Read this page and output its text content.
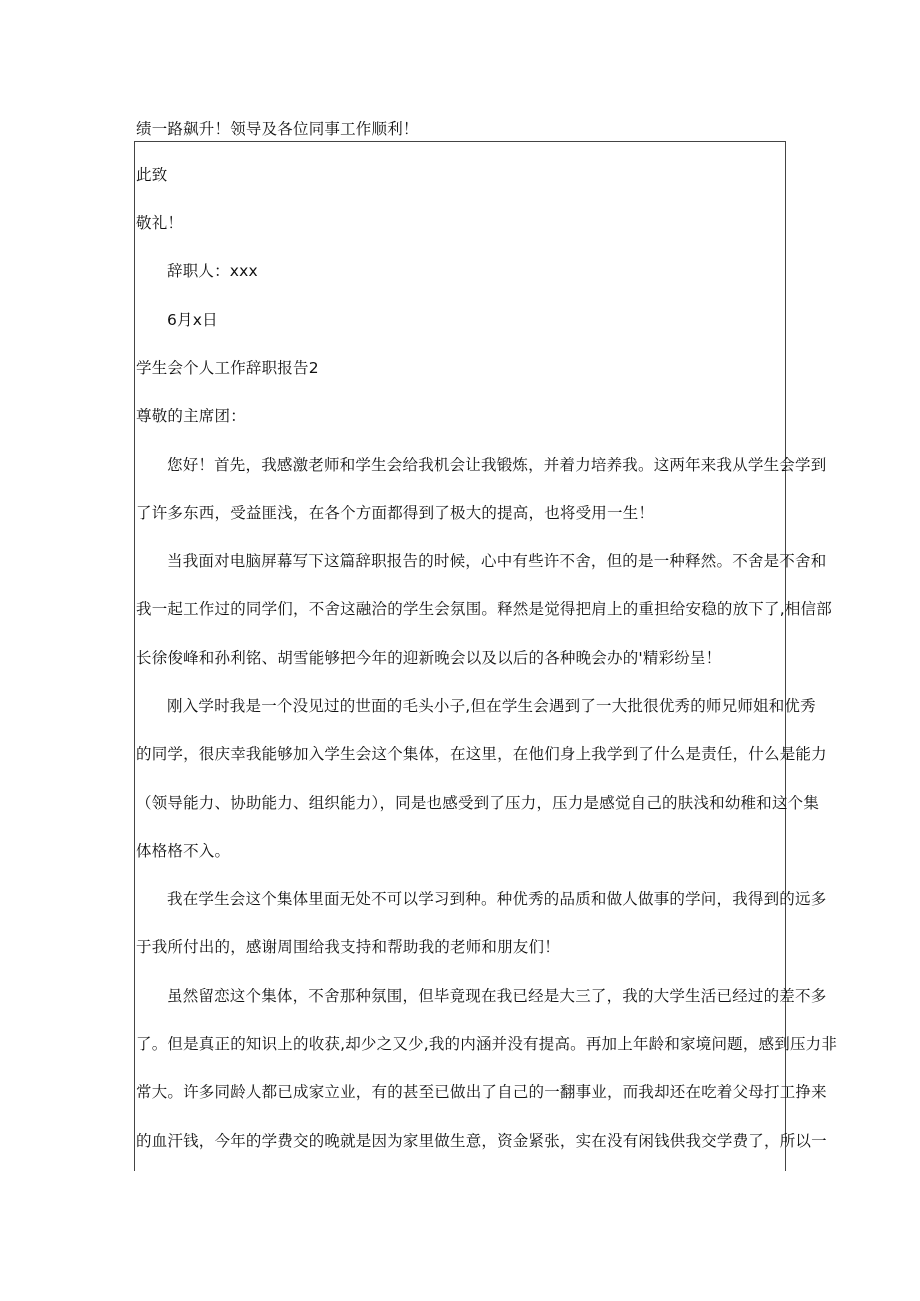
绩一路飙升！领导及各位同事工作顺利！

此致

敬礼！

辞职人：xxx

6月x日

学生会个人工作辞职报告2

尊敬的主席团：

您好！首先，我感激老师和学生会给我机会让我锻炼，并着力培养我。这两年来我从学生会学到

了许多东西，受益匪浅，在各个方面都得到了极大的提高，也将受用一生！

当我面对电脑屏幕写下这篇辞职报告的时候，心中有些许不舍，但的是一种释然。不舍是不舍和

我一起工作过的同学们，不舍这融洽的学生会氛围。释然是觉得把肩上的重担给安稳的放下了,相信部

长徐俊峰和孙利铭、胡雪能够把今年的迎新晚会以及以后的各种晚会办的'精彩纷呈！

刚入学时我是一个没见过的世面的毛头小子,但在学生会遇到了一大批很优秀的师兄师姐和优秀

的同学，很庆幸我能够加入学生会这个集体，在这里，在他们身上我学到了什么是责任，什么是能力

（领导能力、协助能力、组织能力），同是也感受到了压力，压力是感觉自己的肤浅和幼稚和这个集

体格格不入。

我在学生会这个集体里面无处不可以学习到种。种优秀的品质和做人做事的学问，我得到的远多

于我所付出的，感谢周围给我支持和帮助我的老师和朋友们！

虽然留恋这个集体，不舍那种氛围，但毕竟现在我已经是大三了，我的大学生活已经过的差不多

了。但是真正的知识上的收获,却少之又少,我的内涵并没有提高。再加上年龄和家境问题，感到压力非

常大。许多同龄人都已成家立业，有的甚至已做出了自己的一翻事业，而我却还在吃着父母打工挣来

的血汗钱，今年的学费交的晚就是因为家里做生意，资金紧张，实在没有闲钱供我交学费了，所以一
